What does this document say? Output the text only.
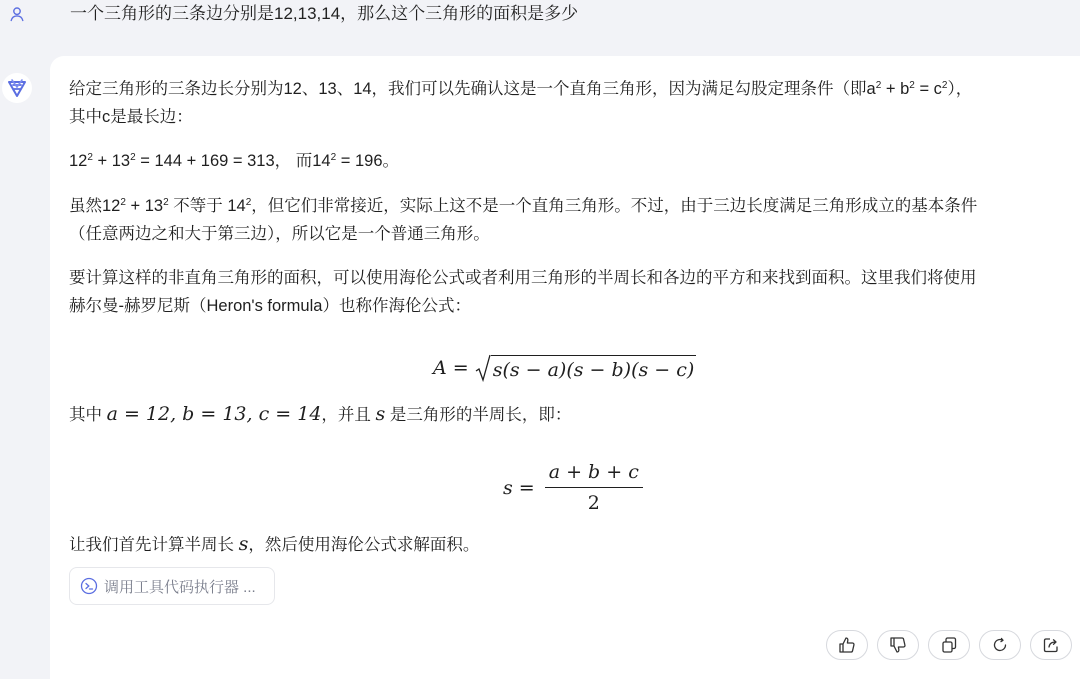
一个三角形的三条边分别是12,13,14，那么这个三角形的面积是多少
给定三角形的三条边长分别为12、13、14，我们可以先确认这是一个直角三角形，因为满足勾股定理条件（即$a^2 + b^2 = c^2$），
其中c是最长边：
$12^2 + 13^2 = 144 + 169 = 313$， 而$14^2 = 196$。
虽然$12^2 + 13^2$ 不等于 $14^2$，但它们非常接近，实际上这不是一个直角三角形。不过，由于三边长度满足三角形成立的基本条件
（任意两边之和大于第三边），所以它是一个普通三角形。
要计算这样的非直角三角形的面积，可以使用海伦公式或者利用三角形的半周长和各边的平方和来找到面积。这里我们将使用
赫尔曼-赫罗尼斯（Heron's formula）也称作海伦公式：
A = s(s − a)(s − b)(s − c)
其中 a = 12, b = 13, c = 14，并且 s 是三角形的半周长，即：
$s = \frac{a + b + c}{2}$
让我们首先计算半周长 s，然后使用海伦公式求解面积。
调用工具代码执行器 ...
